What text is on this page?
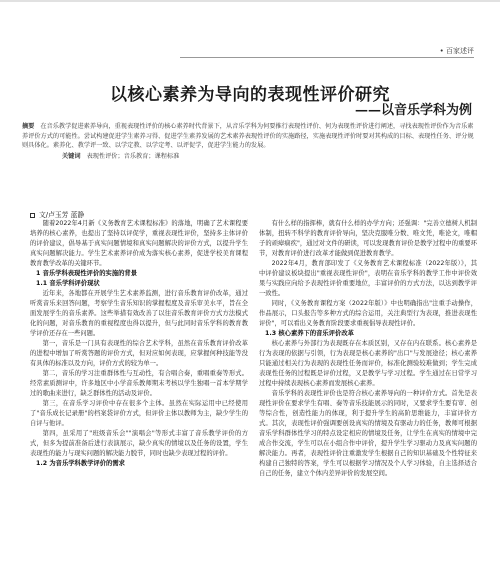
• 百家述评
以核心素养为导向的表现性评价研究
——以音乐学科为例
摘要 在音乐教学促进素养导向，重视表现性评价的核心素养时代背景下，从音乐学科为何要推行表现性评价、何为表现性评价进行阐述，寻找表现性评价作为音乐素养评价方式的可能性。尝试构建促进学生素养习得、促进学生素养发展的艺术素养表现性评价的实施路径，实施表现性评价时要对其构成的目标、表现性任务、评分规则具体化。素养化、教学评一致、以学定教、以学定考、以评促学，促进学生能力的发展。
关键词 表现性评价；音乐教育；课程标准
文/卢玉芳 蓝静

随着2022年4月新《义务教育艺术课程标准》的落地，明确了艺术课程要培养的核心素养，也提出了坚持以评促学，重视表现性评价，坚持多主体评价的评价建议，倡导基于真实问题情境和真实问题解决的评价方式，以提升学生真实问题解决能力。学生艺术素养评价成为落实核心素养，促进学校美育课程教育教学改革的关键环节。

1 音乐学科表现性评价的实施的背景

1.1 音乐学科评价现状

近年来，各地都在开展学生艺术素养监测，进行音乐教育评价改革，通过听赏音乐来回答问题，考察学生音乐知识的掌握程度及音乐审美水平，旨在全面发展学生的音乐素养。这些举措有效改善了以往音乐教育评价方式方法模式化的问题，对音乐教育的重视程度也得以提升，但与此同时音乐学科的教育教学评价还存在一些问题。

第一，音乐是一门具有表现性的综合艺术学科，虽然在音乐教育评价改革的进程中增加了听赏答题的评价方式，但对应如何表现，应掌握何种技能等没有具体的标准以及方向，评价方式的较为单一。

第二，音乐的学习注重群体性与互动性，有合唱合奏，重唱重奏等形式。经常素质测评中，许多地区中小学音乐教师期末考核以学生独唱一首本学期学过的歌曲来进行，缺乏群体性的活动及评价。

第三，在音乐学习评价中存在很多个主体。虽然在实际运用中已经使用了"音乐成长记录册"的档案袋评价方式，但评价主体以教师为主，缺少学生的自评与他评。

第四，虽采用了"班级音乐会""演唱会"等形式丰富了音乐教学评价的方式，但多为提前准备后进行表演展示，缺少真实的情境以及任务的设置，学生表现性的能力与现实问题的解决能力脱节，同时也缺少表现过程的评价。

1.2 为音乐学科教学评价的需求

有什么样的指挥棒，就有什么样的办学方向；还强调："完善立德树人机制体制，扭转不科学的教育评价导向，坚决克服唯分数、唯文凭，唯论文，唯帽子的顽瘴痼疾"，通过对文件的研读，可以发现教育评价是教学过程中的重要环节，对教育评价进行改革才能做到促进教育教学。

2022年4月，教育部印发了《义务教育艺术课程标准（2022年版）》，其中评价建议板块提出"重视表现性评价"，表明在音乐学科的教学工作中评价效果与实践应向给予表现性评价重要地位，丰富评价的方式方法，以达到教学评一致性。

同时，《义务教育课程方案（2022年版）》中也明确指出"注重手动操作，作品展示，口头报告等多种方式的综合运用，关注典型行为表现，推进表现性评价"，可以看出义务教育阶段要求重视倡导表现性评价。

1.3 核心素养下的音乐评价改革

核心素养与外部行为表现既存在本质区别，又存在内在联系。核心素养是行为表现的依据与引领，行为表现是核心素养的"出口"与发展途径；核心素养只能通过相关行为表现的表现性任务而评价，标准化测验较难做到；学生完成表现性任务的过程既是评价过程，又是教学与学习过程。学生通过在日常学习过程中持续表现核心素养而发展核心素养。

音乐学科的表现性评价也是符合核心素养导向的一种评价方式。首先是表现性评价在要求学生有唱、奏等音乐技能展示的同时，又要求学生要有审、创等综合性，创造性能力的体现，利于提升学生的高阶思维能力，丰富评价方式。其次，表现性评价强调要创设真实的情境及有驱动力的任务，教师可根据音乐学科群体性学习的特点设定相应的情境及任务，让学生在真实的情境中完成合作交流，学生可以在小组合作中评价，提升学生学习驱动力及真实问题的解决能力。再者，表现性评价注重激发学生根据自己的知识基础及个性特征来构建自己独特的答案，学生可以根据学习情况及个人学习体验，自主选择适合自己的任务，建立个体内差异评价的发展空间。
